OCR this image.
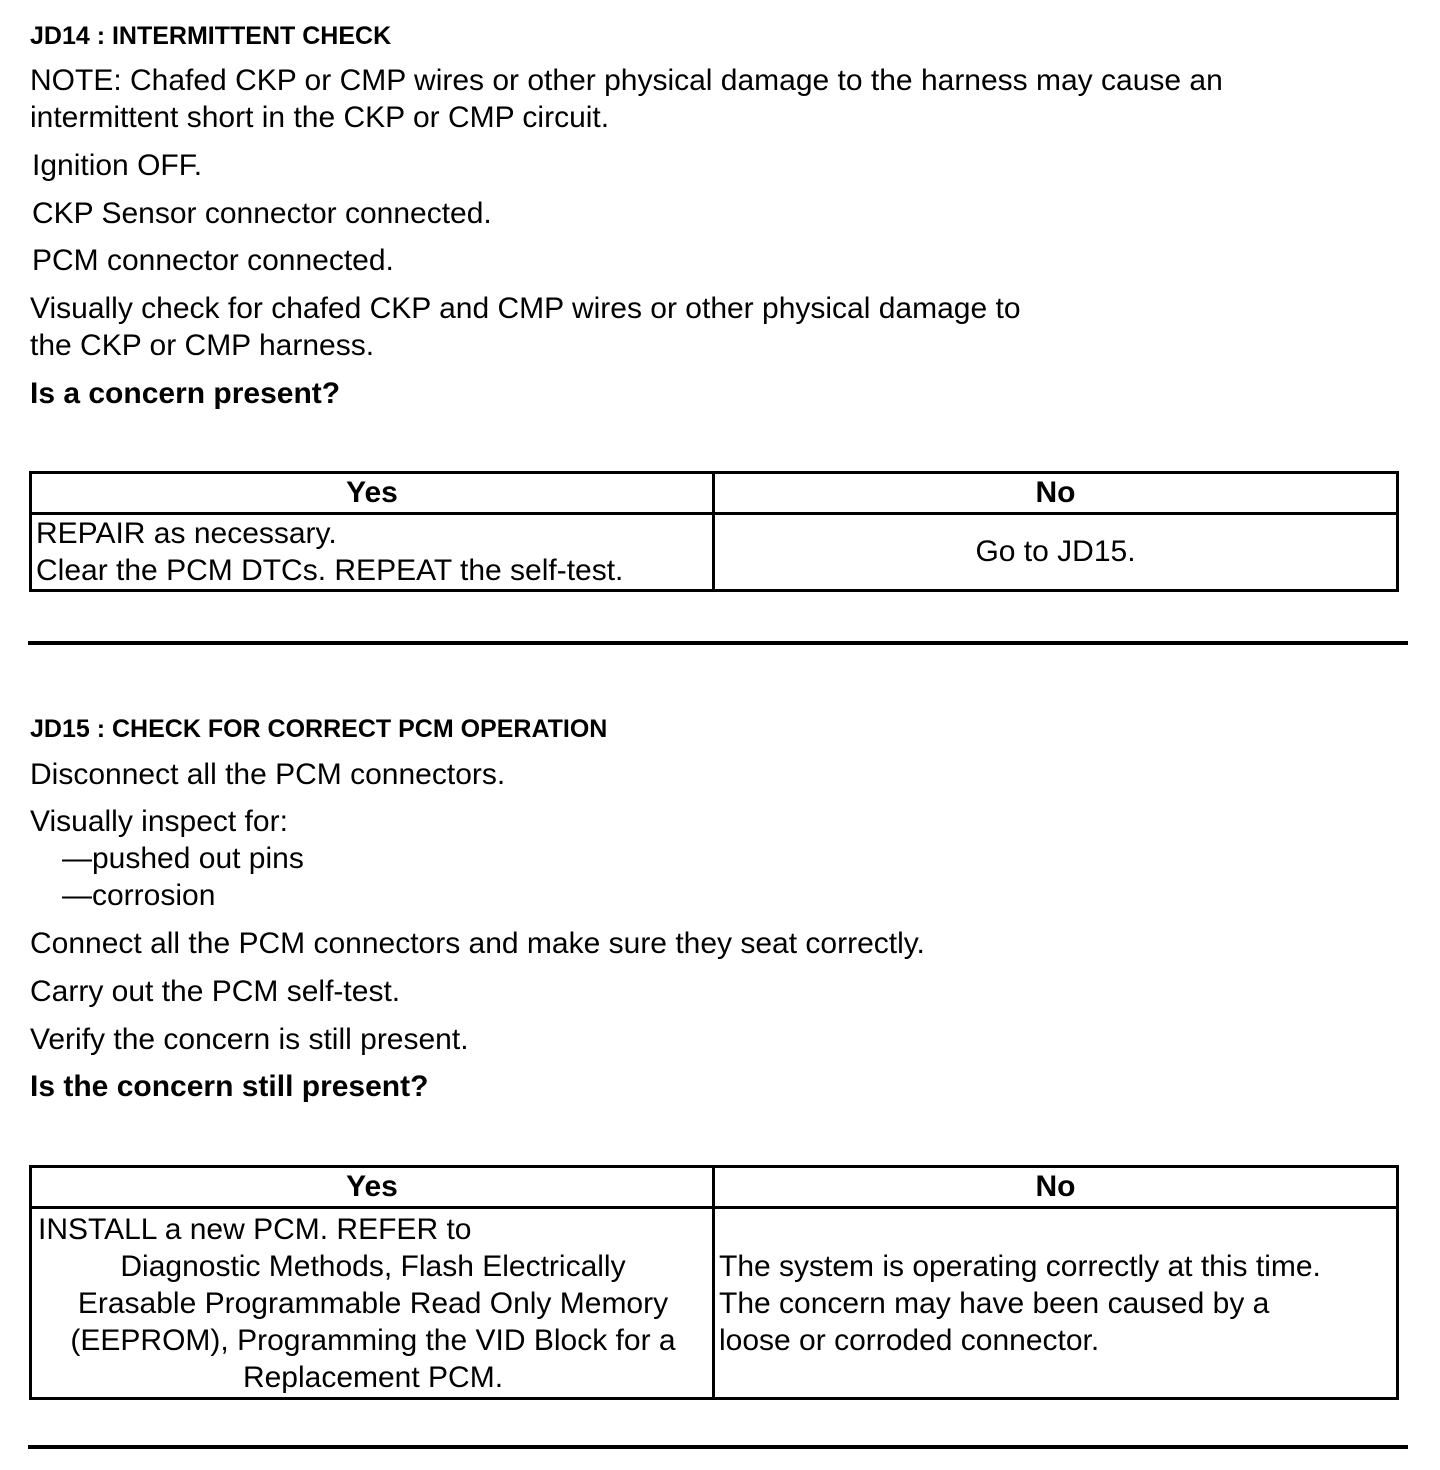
JD14 : INTERMITTENT CHECK
NOTE: Chafed CKP or CMP wires or other physical damage to the harness may cause an
intermittent short in the CKP or CMP circuit.
Ignition OFF.
CKP Sensor connector connected.
PCM connector connected.
Visually check for chafed CKP and CMP wires or other physical damage to
the CKP or CMP harness.
Is a concern present?
Yes	No

REPAIR as necessary.
Clear the PCM DTCs. REPEAT the self-test.	Go to JD15.
JD15 : CHECK FOR CORRECT PCM OPERATION
Disconnect all the PCM connectors.
Visually inspect for:
—pushed out pins
—corrosion
Connect all the PCM connectors and make sure they seat correctly.
Carry out the PCM self-test.
Verify the concern is still present.
Is the concern still present?
Yes	No

INSTALL a new PCM. REFER to
Diagnostic Methods, Flash Electrically
Erasable Programmable Read Only Memory
(EEPROM), Programming the VID Block for a
Replacement PCM.	The system is operating correctly at this time.
The concern may have been caused by a
loose or corroded connector.
